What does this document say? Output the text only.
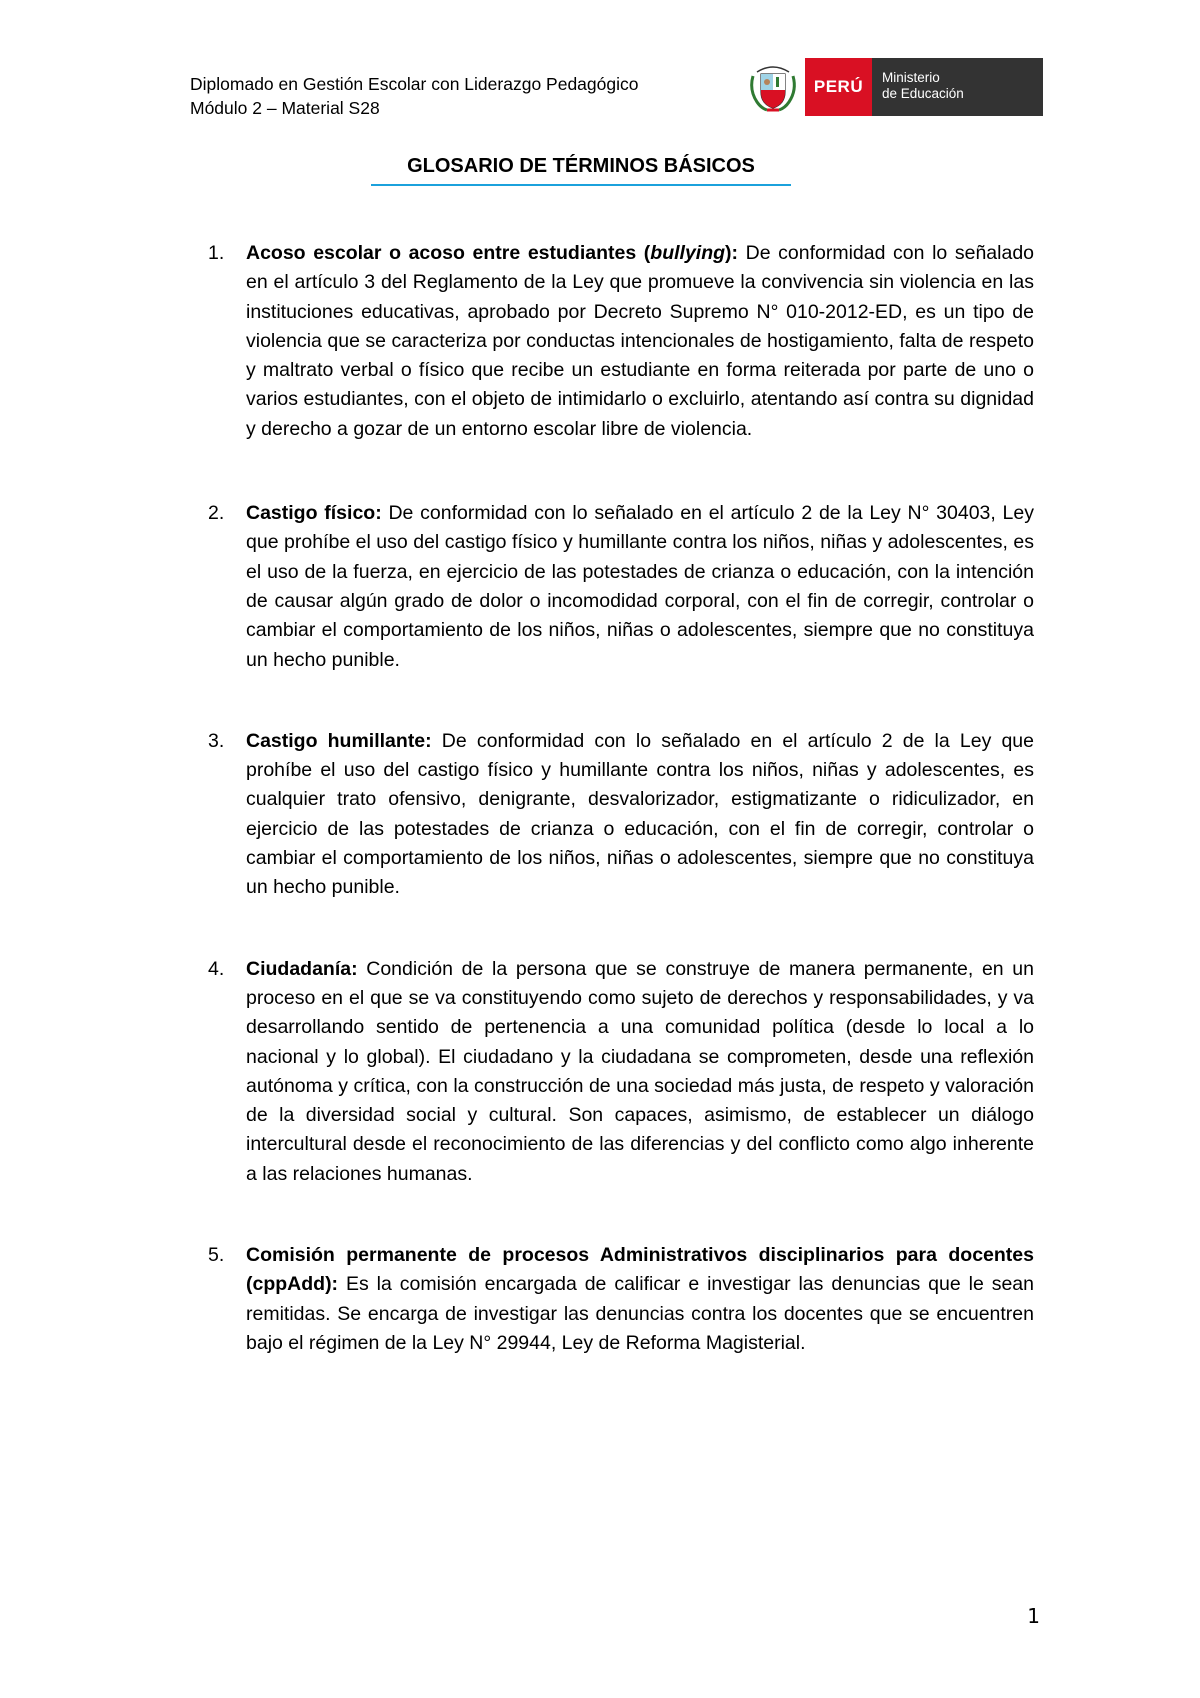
Diplomado en Gestión Escolar con Liderazgo Pedagógico
Módulo 2 – Material S28
PERÚ	Ministerio
de Educación
GLOSARIO DE TÉRMINOS BÁSICOS
1. Acoso escolar o acoso entre estudiantes (bullying): De conformidad con lo señalado en el artículo 3 del Reglamento de la Ley que promueve la convivencia sin violencia en las instituciones educativas, aprobado por Decreto Supremo N° 010-2012-ED, es un tipo de violencia que se caracteriza por conductas intencionales de hostigamiento, falta de respeto y maltrato verbal o físico que recibe un estudiante en forma reiterada por parte de uno o varios estudiantes, con el objeto de intimidarlo o excluirlo, atentando así contra su dignidad y derecho a gozar de un entorno escolar libre de violencia.
2. Castigo físico: De conformidad con lo señalado en el artículo 2 de la Ley N° 30403, Ley que prohíbe el uso del castigo físico y humillante contra los niños, niñas y adolescentes, es el uso de la fuerza, en ejercicio de las potestades de crianza o educación, con la intención de causar algún grado de dolor o incomodidad corporal, con el fin de corregir, controlar o cambiar el comportamiento de los niños, niñas o adolescentes, siempre que no constituya un hecho punible.
3. Castigo humillante: De conformidad con lo señalado en el artículo 2 de la Ley que prohíbe el uso del castigo físico y humillante contra los niños, niñas y adolescentes, es cualquier trato ofensivo, denigrante, desvalorizador, estigmatizante o ridiculizador, en ejercicio de las potestades de crianza o educación, con el fin de corregir, controlar o cambiar el comportamiento de los niños, niñas o adolescentes, siempre que no constituya un hecho punible.
4. Ciudadanía: Condición de la persona que se construye de manera permanente, en un proceso en el que se va constituyendo como sujeto de derechos y responsabilidades, y va desarrollando sentido de pertenencia a una comunidad política (desde lo local a lo nacional y lo global). El ciudadano y la ciudadana se comprometen, desde una reflexión autónoma y crítica, con la construcción de una sociedad más justa, de respeto y valoración de la diversidad social y cultural. Son capaces, asimismo, de establecer un diálogo intercultural desde el reconocimiento de las diferencias y del conflicto como algo inherente a las relaciones humanas.
5. Comisión permanente de procesos Administrativos disciplinarios para docentes (cppAdd): Es la comisión encargada de calificar e investigar las denuncias que le sean remitidas. Se encarga de investigar las denuncias contra los docentes que se encuentren bajo el régimen de la Ley N° 29944, Ley de Reforma Magisterial.
1
